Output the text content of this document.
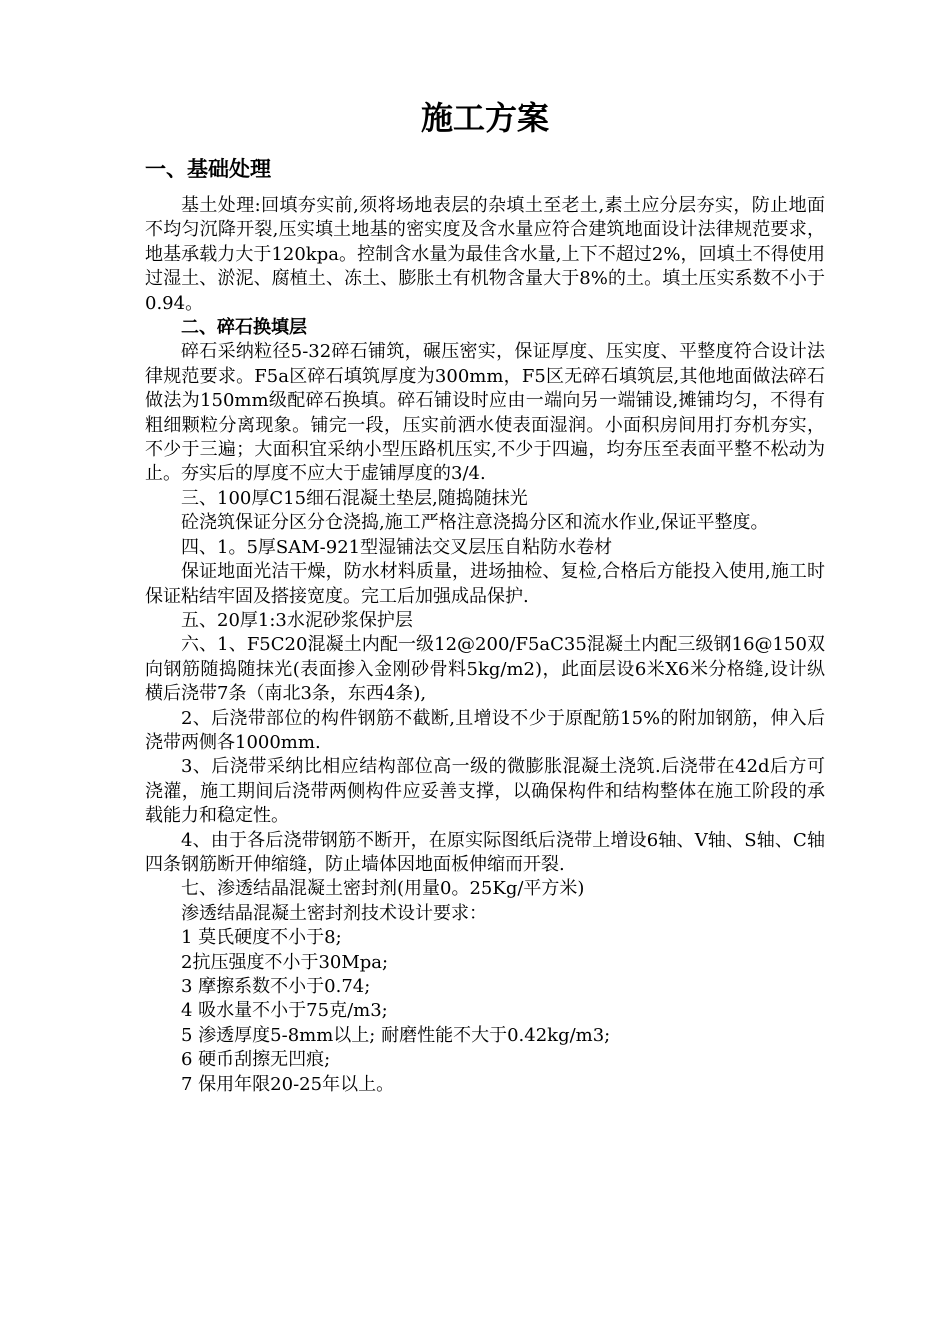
施工方案
一、基础处理

基土处理:回填夯实前,须将场地表层的杂填土至老土,素土应分层夯实，防止地面不均匀沉降开裂,压实填土地基的密实度及含水量应符合建筑地面设计法律规范要求，地基承载力大于120kpa。控制含水量为最佳含水量,上下不超过2%，回填土不得使用过湿土、淤泥、腐植土、冻土、膨胀土有机物含量大于8%的土。填土压实系数不小于0.94。

二、碎石换填层

碎石采纳粒径5-32碎石铺筑，碾压密实，保证厚度、压实度、平整度符合设计法律规范要求。F5a区碎石填筑厚度为300mm，F5区无碎石填筑层,其他地面做法碎石做法为150mm级配碎石换填。碎石铺设时应由一端向另一端铺设,摊铺均匀，不得有粗细颗粒分离现象。铺完一段，压实前洒水使表面湿润。小面积房间用打夯机夯实，不少于三遍；大面积宜采纳小型压路机压实,不少于四遍，均夯压至表面平整不松动为止。夯实后的厚度不应大于虚铺厚度的3/4.

三、100厚C15细石混凝土垫层,随捣随抹光

砼浇筑保证分区分仓浇捣,施工严格注意浇捣分区和流水作业,保证平整度。

四、1。5厚SAM-921型湿铺法交叉层压自粘防水卷材

保证地面光洁干燥，防水材料质量，进场抽检、复检,合格后方能投入使用,施工时保证粘结牢固及搭接宽度。完工后加强成品保护.

五、20厚1:3水泥砂浆保护层

六、1、F5C20混凝土内配一级12@200/F5aC35混凝土内配三级钢16@150双向钢筋随捣随抹光(表面掺入金刚砂骨料5kg/m2)，此面层设6米X6米分格缝,设计纵横后浇带7条（南北3条，东西4条),

2、后浇带部位的构件钢筋不截断,且增设不少于原配筋15%的附加钢筋，伸入后浇带两侧各1000mm.

3、后浇带采纳比相应结构部位高一级的微膨胀混凝土浇筑.后浇带在42d后方可浇灌，施工期间后浇带两侧构件应妥善支撑，以确保构件和结构整体在施工阶段的承载能力和稳定性。

4、由于各后浇带钢筋不断开，在原实际图纸后浇带上增设6轴、V轴、S轴、C轴四条钢筋断开伸缩缝，防止墙体因地面板伸缩而开裂.

七、渗透结晶混凝土密封剂(用量0。25Kg/平方米)

渗透结晶混凝土密封剂技术设计要求：

1 莫氏硬度不小于8;

2抗压强度不小于30Mpa;

3 摩擦系数不小于0.74;

4 吸水量不小于75克/m3;

5 渗透厚度5-8mm以上; 耐磨性能不大于0.42kg/m3;

6 硬币刮擦无凹痕;

7 保用年限20-25年以上。
